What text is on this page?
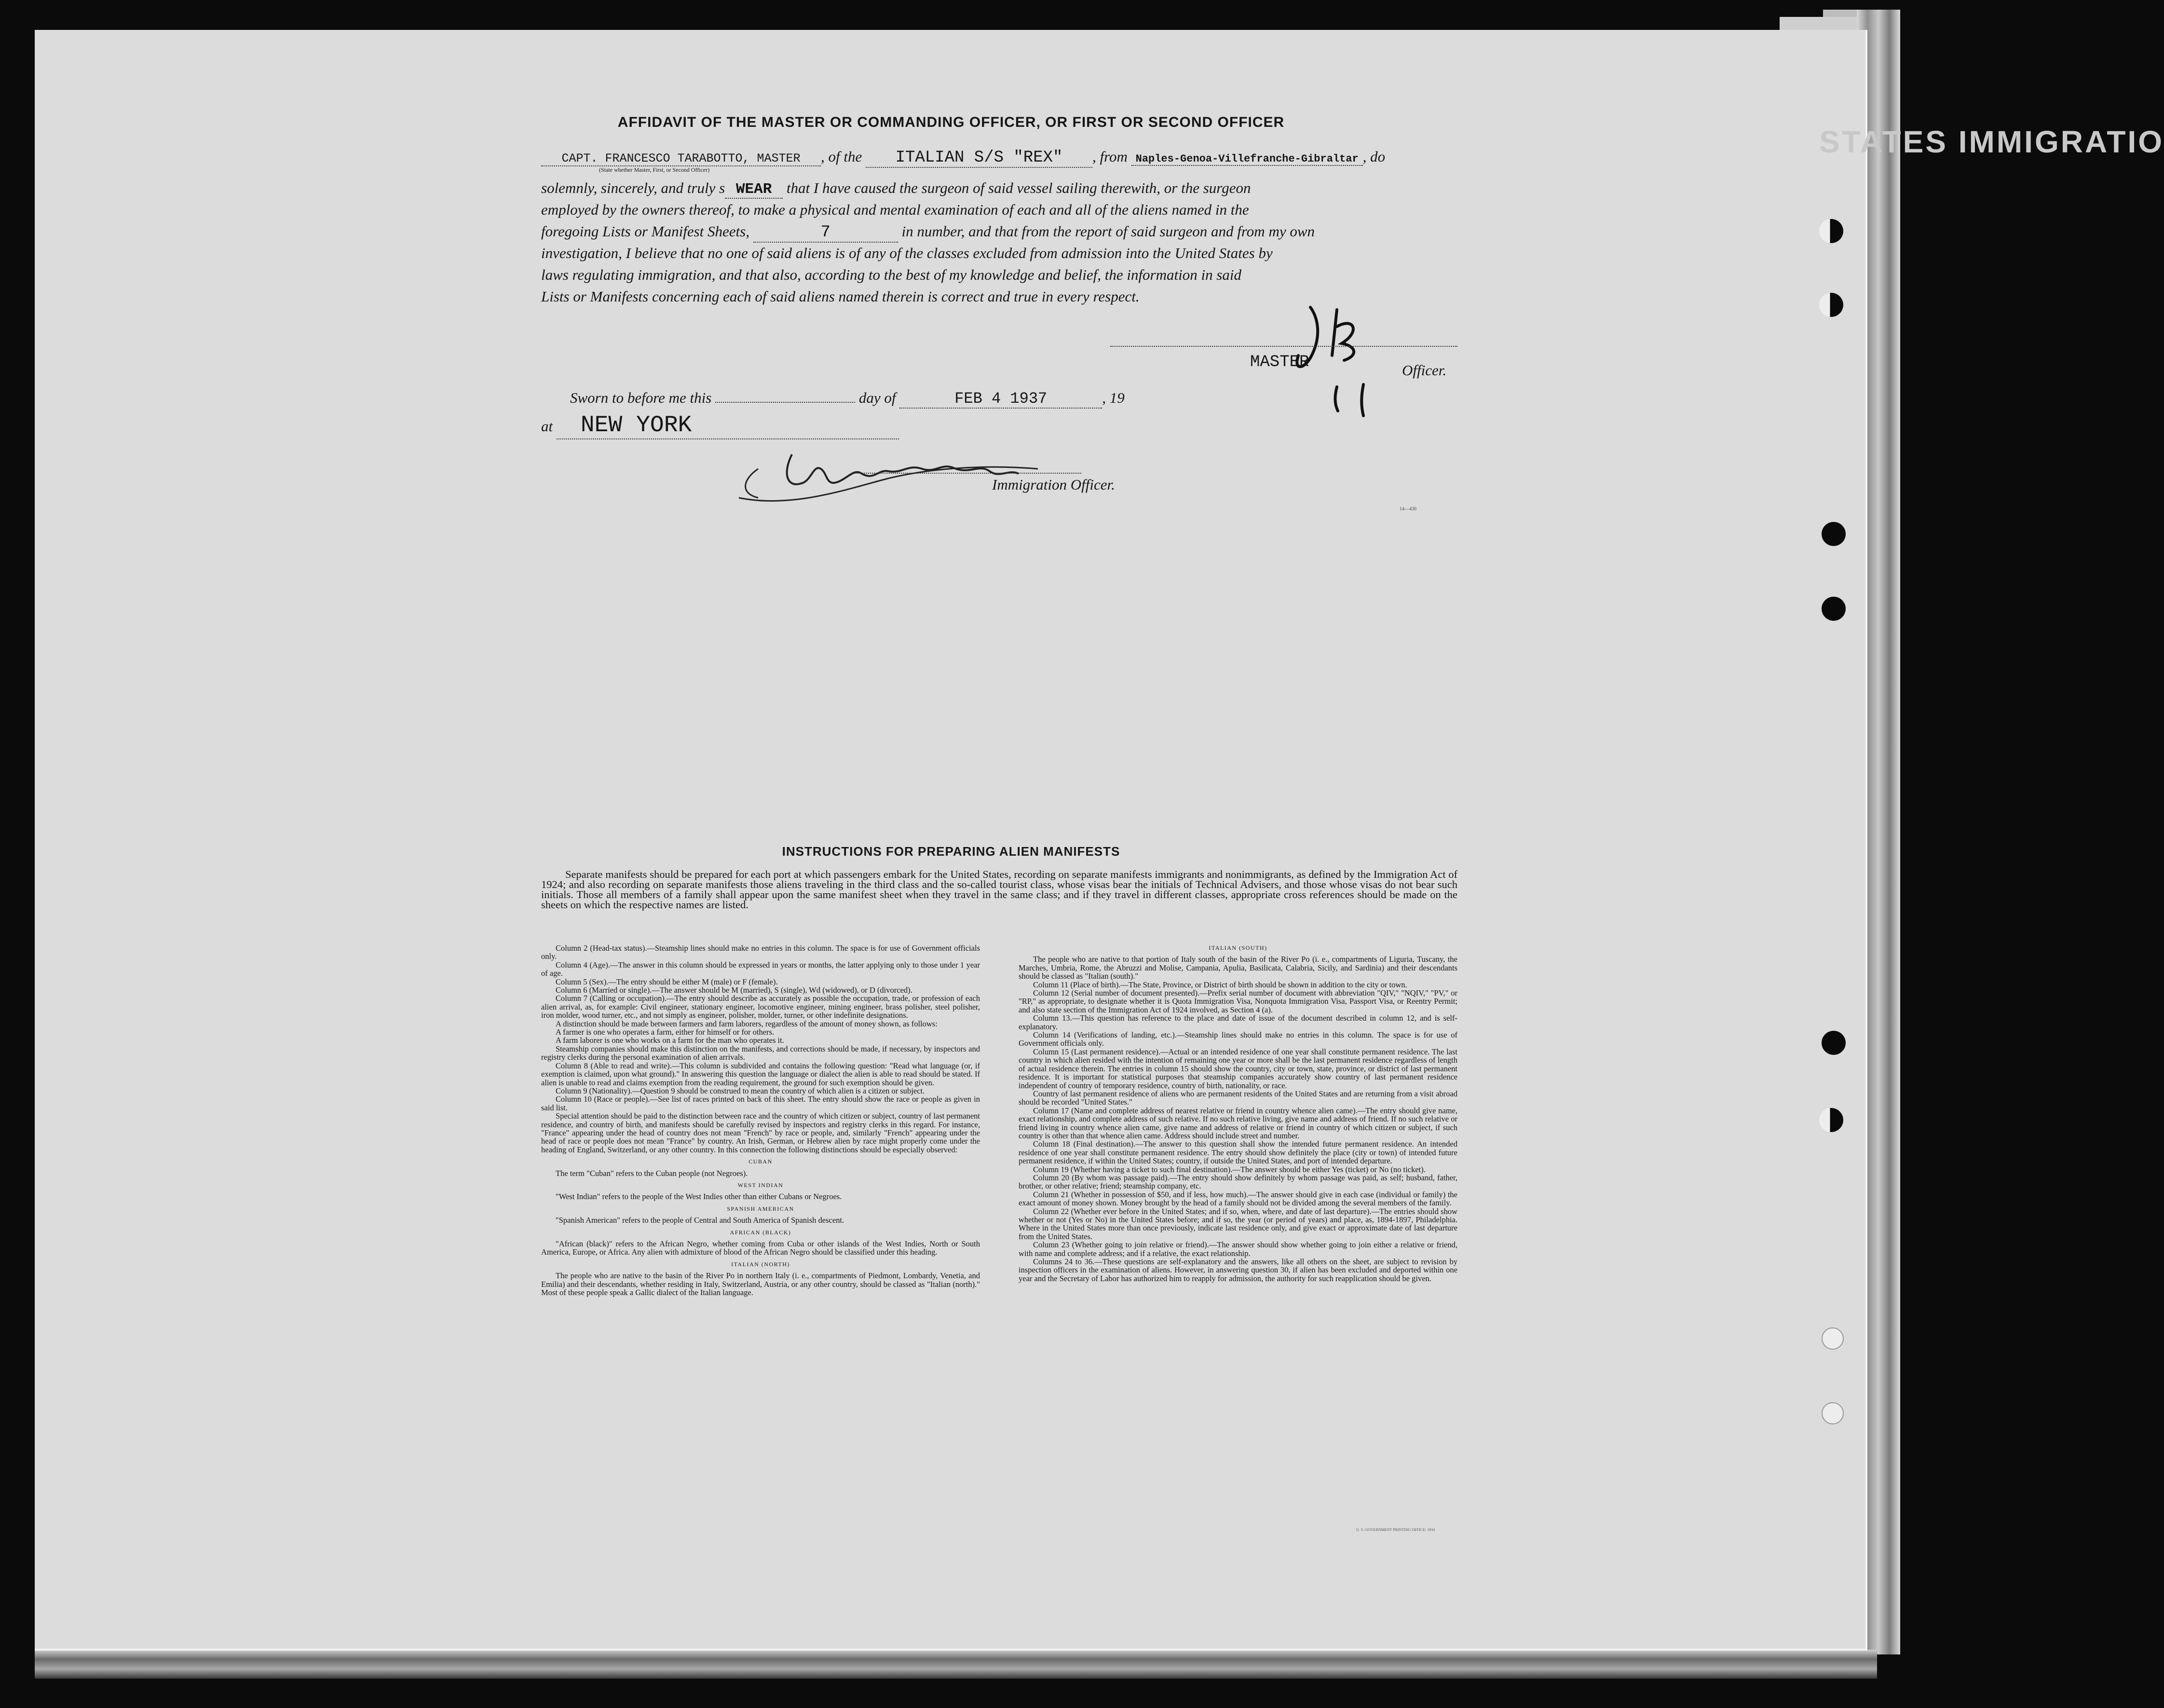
STATES IMMIGRATIO
AFFIDAVIT OF THE MASTER OR COMMANDING OFFICER, OR FIRST OR SECOND OFFICER
CAPT. FRANCESCO TARABOTTO, MASTER , of the ITALIAN S/S "REX" , from Naples-Genoa-Villefranche-Gibraltar , do
(State whether Master, First, or Second Officer)
solemnly, sincerely, and truly s WEAR that I have caused the surgeon of said vessel sailing therewith, or the surgeon
employed by the owners thereof, to make a physical and mental examination of each and all of the aliens named in the
foregoing Lists or Manifest Sheets,	7	in number, and that from the report of said surgeon and from my own
investigation, I believe that no one of said aliens is of any of the classes excluded from admission into the United States by
laws regulating immigration, and that also, according to the best of my knowledge and belief, the information in said
Lists or Manifests concerning each of said aliens named therein is correct and true in every respect.
MASTER	Officer.
Sworn to before me this	day of	FEB 4 1937	, 19
at NEW YORK
Immigration Officer.
14—430
INSTRUCTIONS FOR PREPARING ALIEN MANIFESTS
Separate manifests should be prepared for each port at which passengers embark for the United States, recording on separate manifests immigrants and nonimmigrants, as defined by the Immigration Act of 1924; and also recording on separate manifests those aliens traveling in the third class and the so-called tourist class, whose visas bear the initials of Technical Advisers, and those whose visas do not bear such initials. Those all members of a family shall appear upon the same manifest sheet when they travel in the same class; and if they travel in different classes, appropriate cross references should be made on the sheets on which the respective names are listed.

Column 2 (Head-tax status).—Steamship lines should make no entries in this column. The space is for use of Government officials only.

Column 4 (Age).—The answer in this column should be expressed in years or months, the latter applying only to those under 1 year of age.

Column 5 (Sex).—The entry should be either M (male) or F (female).

Column 6 (Married or single).—The answer should be M (married), S (single), Wd (widowed), or D (divorced).

Column 7 (Calling or occupation).—The entry should describe as accurately as possible the occupation, trade, or profession of each alien arrival, as, for example: Civil engineer, stationary engineer, locomotive engineer, mining engineer, brass polisher, steel polisher, iron molder, wood turner, etc., and not simply as engineer, polisher, molder, turner, or other indefinite designations.

A distinction should be made between farmers and farm laborers, regardless of the amount of money shown, as follows:

A farmer is one who operates a farm, either for himself or for others.

A farm laborer is one who works on a farm for the man who operates it.

Steamship companies should make this distinction on the manifests, and corrections should be made, if necessary, by inspectors and registry clerks during the personal examination of alien arrivals.

Column 8 (Able to read and write).—This column is subdivided and contains the following question: "Read what language (or, if exemption is claimed, upon what ground)." In answering this question the language or dialect the alien is able to read should be stated. If alien is unable to read and claims exemption from the reading requirement, the ground for such exemption should be given.

Column 9 (Nationality).—Question 9 should be construed to mean the country of which alien is a citizen or subject.

Column 10 (Race or people).—See list of races printed on back of this sheet. The entry should show the race or people as given in said list.

Special attention should be paid to the distinction between race and the country of which citizen or subject, country of last permanent residence, and country of birth, and manifests should be carefully revised by inspectors and registry clerks in this regard. For instance, "France" appearing under the head of country does not mean "French" by race or people, and, similarly "French" appearing under the head of race or people does not mean "France" by country. An Irish, German, or Hebrew alien by race might properly come under the heading of England, Switzerland, or any other country. In this connection the following distinctions should be especially observed:

CUBAN

The term "Cuban" refers to the Cuban people (not Negroes).

WEST INDIAN

"West Indian" refers to the people of the West Indies other than either Cubans or Negroes.

SPANISH AMERICAN

"Spanish American" refers to the people of Central and South America of Spanish descent.

AFRICAN (BLACK)

"African (black)" refers to the African Negro, whether coming from Cuba or other islands of the West Indies, North or South America, Europe, or Africa. Any alien with admixture of blood of the African Negro should be classified under this heading.

ITALIAN (NORTH)

The people who are native to the basin of the River Po in northern Italy (i. e., compartments of Piedmont, Lombardy, Venetia, and Emilia) and their descendants, whether residing in Italy, Switzerland, Austria, or any other country, should be classed as "Italian (north)." Most of these people speak a Gallic dialect of the Italian language.

ITALIAN (SOUTH)

The people who are native to that portion of Italy south of the basin of the River Po (i. e., compartments of Liguria, Tuscany, the Marches, Umbria, Rome, the Abruzzi and Molise, Campania, Apulia, Basilicata, Calabria, Sicily, and Sardinia) and their descendants should be classed as "Italian (south)."

Column 11 (Place of birth).—The State, Province, or District of birth should be shown in addition to the city or town.

Column 12 (Serial number of document presented).—Prefix serial number of document with abbreviation "QIV," "NQIV," "PV," or "RP," as appropriate, to designate whether it is Quota Immigration Visa, Nonquota Immigration Visa, Passport Visa, or Reentry Permit; and also state section of the Immigration Act of 1924 involved, as Section 4 (a).

Column 13.—This question has reference to the place and date of issue of the document described in column 12, and is self-explanatory.

Column 14 (Verifications of landing, etc.).—Steamship lines should make no entries in this column. The space is for use of Government officials only.

Column 15 (Last permanent residence).—Actual or an intended residence of one year shall constitute permanent residence. The last country in which alien resided with the intention of remaining one year or more shall be the last permanent residence regardless of length of actual residence therein. The entries in column 15 should show the country, city or town, state, province, or district of last permanent residence. It is important for statistical purposes that steamship companies accurately show country of last permanent residence independent of country of temporary residence, country of birth, nationality, or race.

Country of last permanent residence of aliens who are permanent residents of the United States and are returning from a visit abroad should be recorded "United States."

Column 17 (Name and complete address of nearest relative or friend in country whence alien came).—The entry should give name, exact relationship, and complete address of such relative. If no such relative living, give name and address of friend. If no such relative or friend living in country whence alien came, give name and address of relative or friend in country of which citizen or subject, if such country is other than that whence alien came. Address should include street and number.

Column 18 (Final destination).—The answer to this question shall show the intended future permanent residence. An intended residence of one year shall constitute permanent residence. The entry should show definitely the place (city or town) of intended future permanent residence, if within the United States; country, if outside the United States, and port of intended departure.

Column 19 (Whether having a ticket to such final destination).—The answer should be either Yes (ticket) or No (no ticket).

Column 20 (By whom was passage paid).—The entry should show definitely by whom passage was paid, as self; husband, father, brother, or other relative; friend; steamship company, etc.

Column 21 (Whether in possession of $50, and if less, how much).—The answer should give in each case (individual or family) the exact amount of money shown. Money brought by the head of a family should not be divided among the several members of the family.

Column 22 (Whether ever before in the United States; and if so, when, where, and date of last departure).—The entries should show whether or not (Yes or No) in the United States before; and if so, the year (or period of years) and place, as, 1894-1897, Philadelphia. Where in the United States more than once previously, indicate last residence only, and give exact or approximate date of last departure from the United States.

Column 23 (Whether going to join relative or friend).—The answer should show whether going to join either a relative or friend, with name and complete address; and if a relative, the exact relationship.

Columns 24 to 36.—These questions are self-explanatory and the answers, like all others on the sheet, are subject to revision by inspection officers in the examination of aliens. However, in answering question 30, if alien has been excluded and deported within one year and the Secretary of Labor has authorized him to reapply for admission, the authority for such reapplication should be given.

U. S. GOVERNMENT PRINTING OFFICE: 1934
